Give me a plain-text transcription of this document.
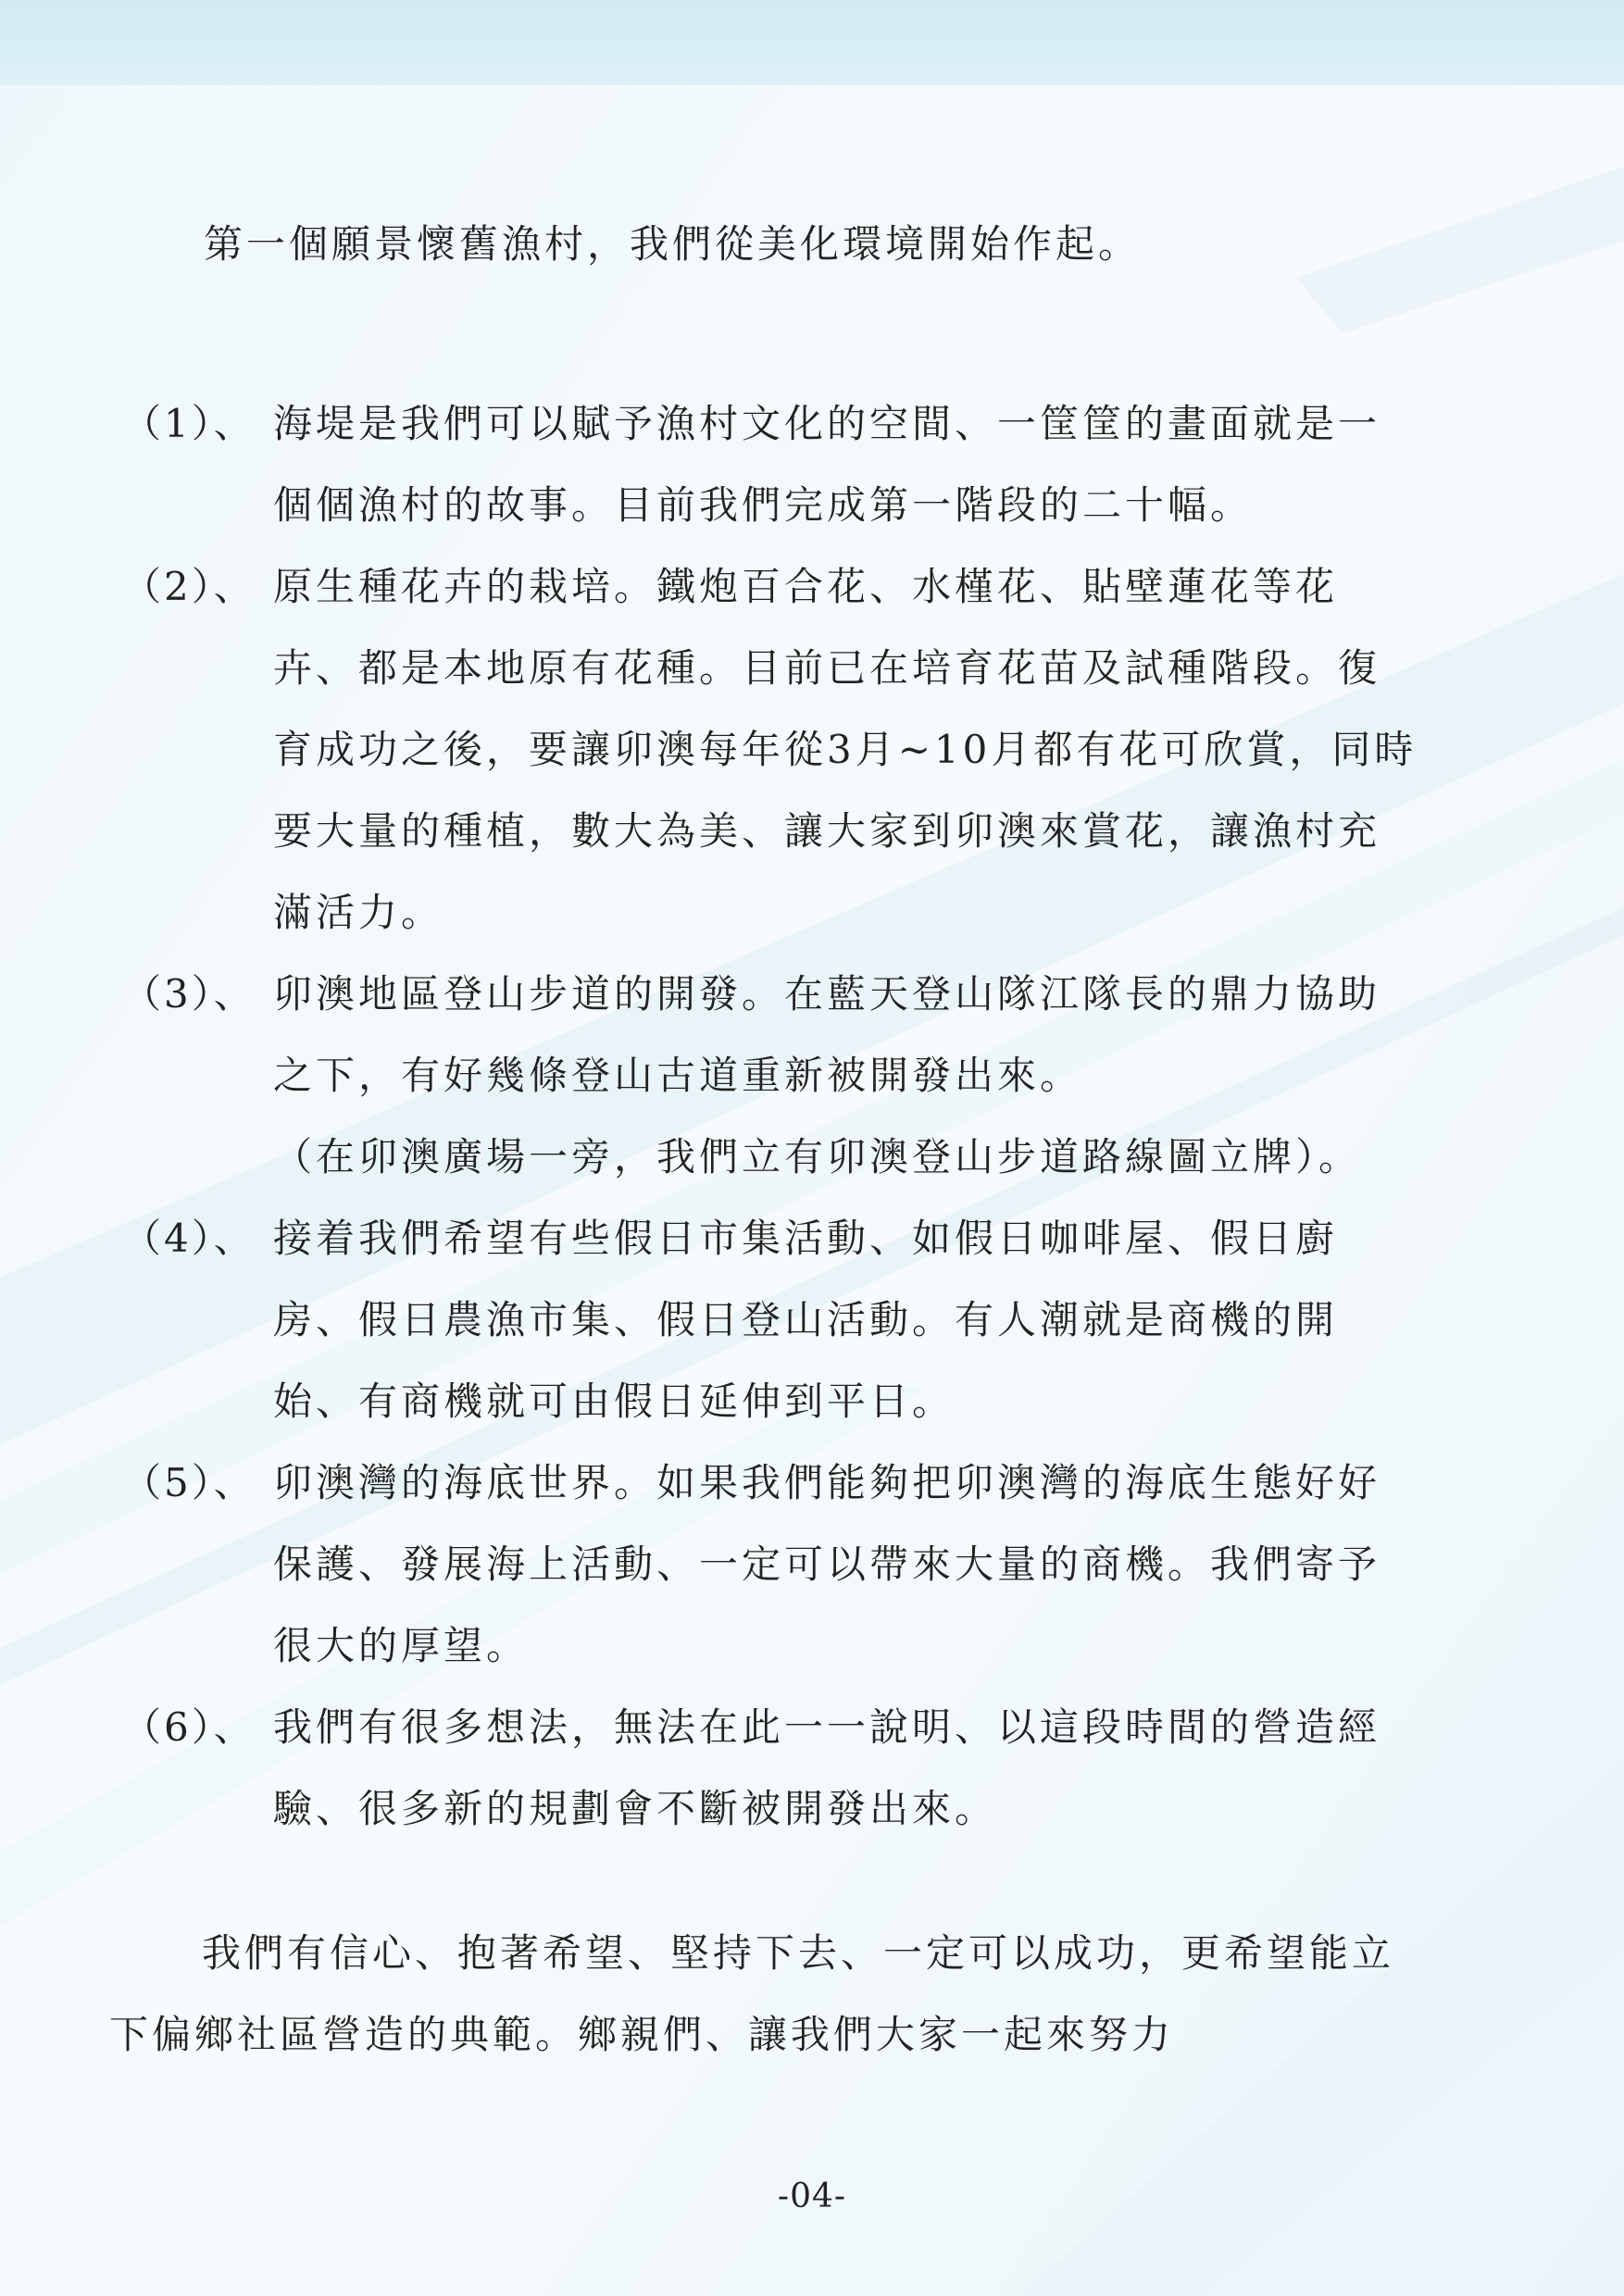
第一個願景懷舊漁村，我們從美化環境開始作起。

（1）、 海堤是我們可以賦予漁村文化的空間、一筐筐的畫面就是一
個個漁村的故事。目前我們完成第一階段的二十幅。
（2）、 原生種花卉的栽培。鐵炮百合花、水槿花、貼壁蓮花等花
卉、都是本地原有花種。目前已在培育花苗及試種階段。復
育成功之後，要讓卯澳每年從3月~10月都有花可欣賞，同時
要大量的種植，數大為美、讓大家到卯澳來賞花，讓漁村充
滿活力。
（3）、 卯澳地區登山步道的開發。在藍天登山隊江隊長的鼎力協助
之下，有好幾條登山古道重新被開發出來。
（在卯澳廣場一旁，我們立有卯澳登山步道路線圖立牌）。
（4）、 接着我們希望有些假日市集活動、如假日咖啡屋、假日廚
房、假日農漁市集、假日登山活動。有人潮就是商機的開
始、有商機就可由假日延伸到平日。
（5）、 卯澳灣的海底世界。如果我們能夠把卯澳灣的海底生態好好
保護、發展海上活動、一定可以帶來大量的商機。我們寄予
很大的厚望。
（6）、 我們有很多想法，無法在此一一說明、以這段時間的營造經
驗、很多新的規劃會不斷被開發出來。

我們有信心、抱著希望、堅持下去、一定可以成功，更希望能立
下偏鄉社區營造的典範。鄉親們、讓我們大家一起來努力

-04-
